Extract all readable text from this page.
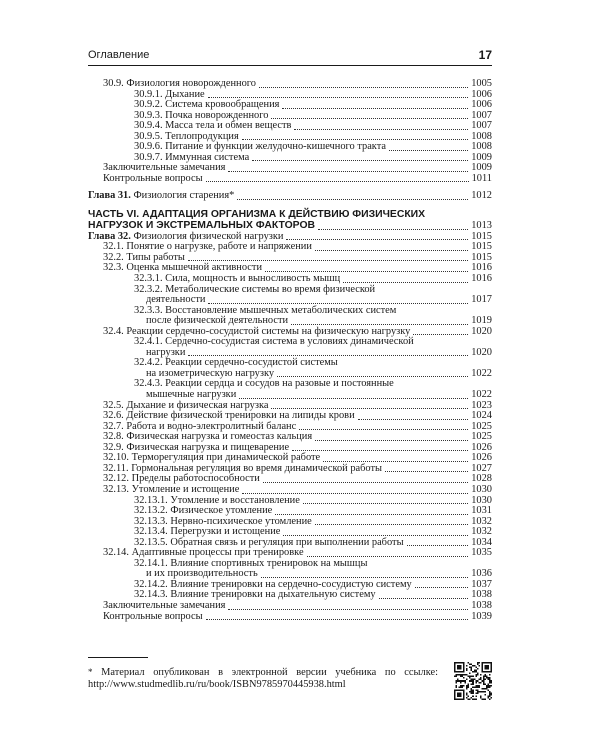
Оглавление	17
30.9. Физиология новорожденного	1005
30.9.1. Дыхание	1006
30.9.2. Система кровообращения	1006
30.9.3. Почка новорожденного	1007
30.9.4. Масса тела и обмен веществ	1007
30.9.5. Теплопродукция	1008
30.9.6. Питание и функции желудочно-кишечного тракта	1008
30.9.7. Иммунная система	1009
Заключительные замечания	1009
Контрольные вопросы	1011
Глава 31. Физиология старения*	1012
ЧАСТЬ VI. АДАПТАЦИЯ ОРГАНИЗМА К ДЕЙСТВИЮ ФИЗИЧЕСКИХ
НАГРУЗОК И ЭКСТРЕМАЛЬНЫХ ФАКТОРОВ	1013
Глава 32. Физиология физической нагрузки	1015
32.1. Понятие о нагрузке, работе и напряжении	1015
32.2. Типы работы	1015
32.3. Оценка мышечной активности	1016
32.3.1. Сила, мощность и выносливость мышц	1016
32.3.2. Метаболические системы во время физической
деятельности	1017
32.3.3. Восстановление мышечных метаболических систем
после физической деятельности	1019
32.4. Реакции сердечно-сосудистой системы на физическую нагрузку	1020
32.4.1. Сердечно-сосудистая система в условиях динамической
нагрузки	1020
32.4.2. Реакции сердечно-сосудистой системы
на изометрическую нагрузку	1022
32.4.3. Реакции сердца и сосудов на разовые и постоянные
мышечные нагрузки	1022
32.5. Дыхание и физическая нагрузка	1023
32.6. Действие физической тренировки на липиды крови	1024
32.7. Работа и водно-электролитный баланс	1025
32.8. Физическая нагрузка и гомеостаз кальция	1025
32.9. Физическая нагрузка и пищеварение	1026
32.10. Терморегуляция при динамической работе	1026
32.11. Гормональная регуляция во время динамической работы	1027
32.12. Пределы работоспособности	1028
32.13. Утомление и истощение	1030
32.13.1. Утомление и восстановление	1030
32.13.2. Физическое утомление	1031
32.13.3. Нервно-психическое утомление	1032
32.13.4. Перегрузки и истощение	1032
32.13.5. Обратная связь и регуляция при выполнении работы	1034
32.14. Адаптивные процессы при тренировке	1035
32.14.1. Влияние спортивных тренировок на мышцы
и их производительность	1036
32.14.2. Влияние тренировки на сердечно-сосудистую систему	1037
32.14.3. Влияние тренировки на дыхательную систему	1038
Заключительные замечания	1038
Контрольные вопросы	1039
* Материал опубликован в электронной версии учебника по ссылке: http://www.studmedlib.ru/ru/book/ISBN9785970445938.html
